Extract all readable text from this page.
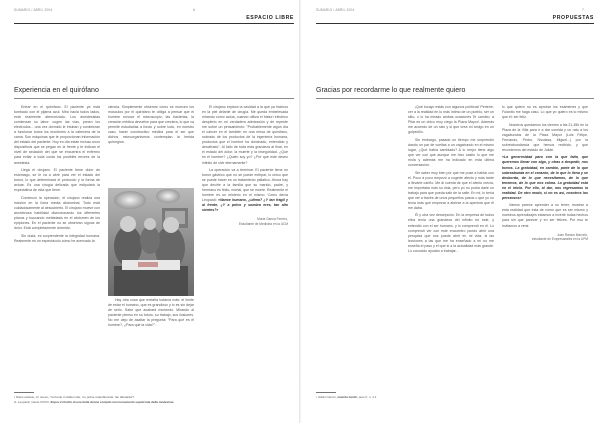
SUMARIO / ABRIL 2004	6
ESPACIO LIBRE
Experiencia en el quirófano

Entrar en el quirófano. El paciente ya está tumbado con el pijama azul. Mira hacia todos lados, está realmente atemorizado. Los anestesistas comienzan su labor: cogen las vías, ponen los electrodos... una vez dormido le intuban y comienzan a funcionar todos los monitores a la cabecera de la cama. Son máquinas que te proporcionan información del estado del paciente. Hoy en día están incluso unos dispositivos que se pegan en la frente y te indican el nivel de sedación del que se encuentra el enfermo para evitar a toda costa los posibles errores de la anestesia.

Llega el cirujano. El paciente tiene dolor de estómago, se le va a abrir para ver el estado del tumor, lo que determinará el protocolo y la forma de actuar. Es una cirugía delicada que estipulará la expectativa de vida que tiene.

Comienzo la operación, el cirujano realiza una incisión en la línea media abdominal. Todo está cuidadosamente al descubierto. El cirujano mueve con asombrosa habilidad diseccionando los diferentes planos y buscando metástasis en el abdomen de los epiplones. En el paciente no se observan signos de dolor. Está completamente dormido.

Sin duda, es sorprendente la integridad humana. Realmente es un espectáculo cómo he acercado la

ciencia. Simplemente observar cómo se mueven los músculos por el quirófano te obliga a pensar que el hombre conoce el microscopio, las bacterias, la creación médica devuelve para que creciera, lo que va permitir estudiarlas a fondo y sobre todo, en nuestro caso, hacer constructivo médica para el ser que dichos microorganismos contemplan la herida quirúrgica.

Hay otra cosa que extraña todavía más: el límite de estar el humano, que es grandioso y lo es sin dejar de serlo. Sabe que acabará muriendo. Mirando al paciente pienso en su futuro, su trabajo, sus ilusiones. No me dejo de asaltar la pregunta: "Para qué es el hombre?, ¿Para qué la vida?".

El cirujano explora la cavidad a la que ya hicimos en la piel delante de cirugía. Me queda embelesada mirando cómo actúa, cuando utiliza el bisturí eléctrico despierto en mí verdadera admiración y de repente me sobre un pensamiento: "Probablemente algún día el cáncer en el también en una mesa de quirófano, rodeado de los productos de la ingeniería humana, productos que el hombre ha dominado, entendido y descifrado". Al fallo de toda esta grandeza al final, en el estado del dolor, la muerte y la inseguridad. ¿Qué es el hombre? ¿Quién soy yo? ¿Por qué este deseo infinito de vivir eternamente?

La operación va a terminar. El paciente tiene un tumor gástrico que no se puede extirpar, lo único que se puede hacer es un tratamiento paliativo. Ahora hay que decirle a la familia que su marido, padre, y hermano es finito, mortal, que se muere. Realmente el hombre es un misterio en el mismo. Como decía Leopardi: «Nance humano, ¿últmo? ¿Y tan frágil y al frente, ¿Y a polvo y sombra eres, tan alto sientes?»

María García Ferrero,
Estudiante de Medicina en la UCM
¹ Nulus estatus, oir nuevo, / la frente in tabla nube, / le pobre retamblenciar, tan fabulador?
G. Leopardi, Canto XXXIV, Sopra il ritratto di una bella donna scolpito nel monumento sepolcrale della medesima
SUMARIO / ABRIL 2004	7
PROPUESTAS
Gracias por recordarme lo que realmente quiero

¡Qué tocayo estás con algunos políticos! Pertenecer a la realidad en lo más íntimo de un pueblo, ser un sitio, o lo ha mirado ambas ocasiones Te cambio, a Pilar es un chico muy ciego la Plaza Mayor!. Además me acuerdo de un rato y si que crea mi amigo en un golpecillo.

Sin embargo, pasado un tiempo me sorprendió dando un par de vueltas a un vagabundo en el mismo lugar, ¿Qué había cambiado? A lo mejor tiene algo que ver con que aunque me hizo casito lo que me mola y además me ha indicado en esta última conversación.

Sin saber muy bien por qué me puse a hablar con él. Poco a poco empezó a cogerte afecto y más tarde a llevarte cariño. Me di cuenta de que el afecto crecía, me importaba más su vida, pero yo no podía darle un trabajo para que pueda salir de la calle. En mí, lo tenía que ver a través de unos pequeños pasos o que yo no tenía más que empezar a abrirse a la apertura que él me daba.

Él y otra vez descripción. En la empresa de todos ellos tenía una grandeza del infinito en este, y entendió con el ser humano, y lo comprendí en él. Lo comprendí ver con este encuentro puedo abrir una pesquisa que nos puede abrir en mi vida, si las lecciones a las que me ha enseñado a mí no me enseña el paso y el que sí a la actualidad más grande. Lo conocido ayudan a trabajar...

lo que quiero no es aprobar los exámenes y que Fulanito me haga caso. Lo que yo quiero es lo mismo que él: ser feliz.

Nosotros quedamos los viernes a las 21,45h en la Plaza de la Villa para ir a dar comida y un rato a los vagabundos de la Plaza Mayor (Luis Felipe, Fernando, Pedro, Nicolasa, Miguel...) por la sobreabundancia que hemos recibido, y que recordemos del estado de Julián.

«La generosidad para con la que falta, que queremos llenar con algo, y otras a despedir, nos tomos. La gratuidad, en cambio, parte de lo que sobreabunda en el corazón, de lo que lo llena y se desborda, de lo que necesitamos, de lo que tenemos, de lo que nos colma. La gratuidad está en el inicio. Por ello, al dar, nos regresamos la realidad. De otro modo, si no es así, nosotros los perezosos»

Vamos parece aprender a no tener, mostrar a esta realidad que esta de cómo que es ser mismo y nuestros aprendizajes estamos a invertir todas hechos para sin que parecer y en ser felices. Por eso te invitamos a venir.

Juan Ramos Marcelo,
estudiante de Empresariales en la UPM
¹ Julián Carrón, mamita fundir, pero II, n. 1.1
